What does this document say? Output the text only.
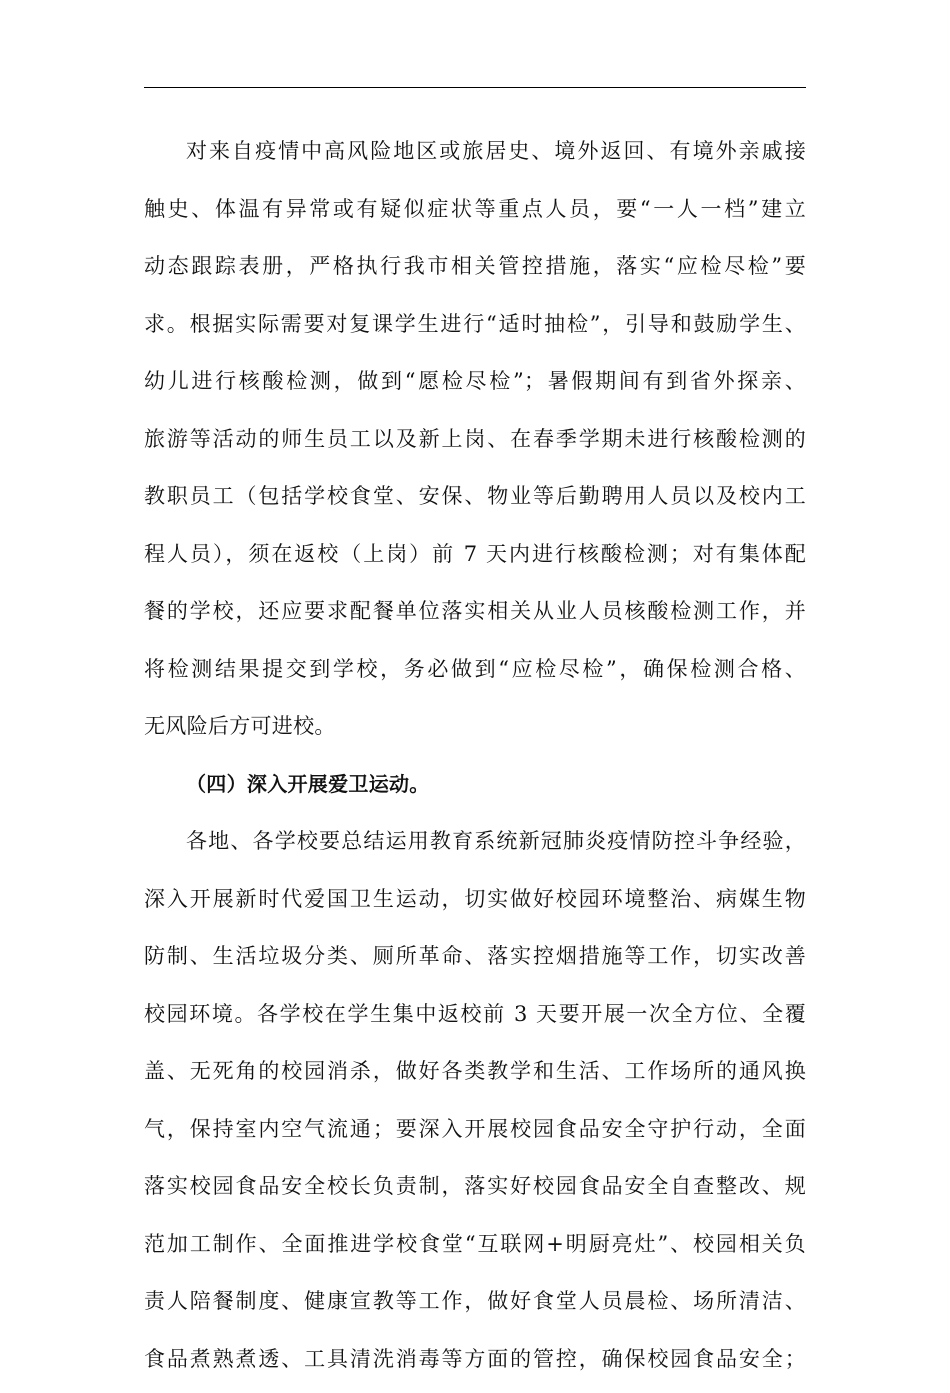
对来自疫情中高风险地区或旅居史、境外返回、有境外亲戚接
触史、体温有异常或有疑似症状等重点人员，要“一人一档”建立
动态跟踪表册，严格执行我市相关管控措施，落实“应检尽检”要
求。根据实际需要对复课学生进行“适时抽检”，引导和鼓励学生、
幼儿进行核酸检测，做到“愿检尽检”；暑假期间有到省外探亲、
旅游等活动的师生员工以及新上岗、在春季学期未进行核酸检测的
教职员工（包括学校食堂、安保、物业等后勤聘用人员以及校内工
程人员），须在返校（上岗）前 7 天内进行核酸检测；对有集体配
餐的学校，还应要求配餐单位落实相关从业人员核酸检测工作，并
将检测结果提交到学校，务必做到“应检尽检”，确保检测合格、
无风险后方可进校。
（四）深入开展爱卫运动。
各地、各学校要总结运用教育系统新冠肺炎疫情防控斗争经验，
深入开展新时代爱国卫生运动，切实做好校园环境整治、病媒生物
防制、生活垃圾分类、厕所革命、落实控烟措施等工作，切实改善
校园环境。各学校在学生集中返校前 3 天要开展一次全方位、全覆
盖、无死角的校园消杀，做好各类教学和生活、工作场所的通风换
气，保持室内空气流通；要深入开展校园食品安全守护行动，全面
落实校园食品安全校长负责制，落实好校园食品安全自查整改、规
范加工制作、全面推进学校食堂“互联网+明厨亮灶”、校园相关负
责人陪餐制度、健康宣教等工作，做好食堂人员晨检、场所清洁、
食品煮熟煮透、工具清洗消毒等方面的管控，确保校园食品安全；
